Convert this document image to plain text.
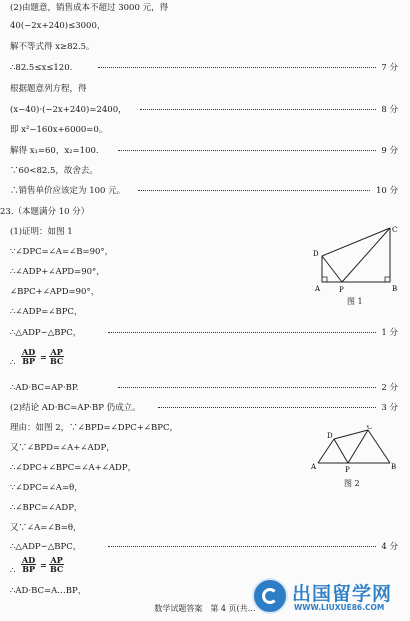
(2)由题意，销售成本不超过 3000 元，得
40(−2x+240)≤3000，
解不等式得 x≥82.5。
∴82.5≤x≤120.	7 分
根据题意列方程，得
(x−40)·(−2x+240)=2400，	8 分
即 x²−160x+6000=0。
解得 x₁=60，x₂=100.	9 分
∵60<82.5，故舍去。
∴销售单价应该定为 100 元。	10 分
23.（本题满分 10 分）
(1)证明：如图 1
∵∠DPC=∠A=∠B=90°，
∴∠ADP+∠APD=90°，
∠BPC+∠APD=90°，
∴∠ADP=∠BPC，
∴△ADP∽△BPC，	1 分
∴ $\frac{AD}{BP} = \frac{AP}{BC}$
∴AD·BC=AP·BP.	2 分
(2)结论 AD·BC=AP·BP 仍成立。	3 分
理由：如图 2，∵∠BPD=∠DPC+∠BPC，
又∵∠BPD=∠A+∠ADP，
∴∠DPC+∠BPC=∠A+∠ADP，
∵∠DPC=∠A=θ，
∴∠BPC=∠ADP，
又∵∠A=∠B=θ，
∴△ADP∽△BPC，	4 分
∴ $\frac{AD}{BP} = \frac{AP}{BC}$
∴AD·BC=A…BP，
D
A	P	B
C
图 1
A
D
P
C
B
图 2
数学试题答案　第 4 页(共…
出国留学网
WWW.LIUXUE86.COM
